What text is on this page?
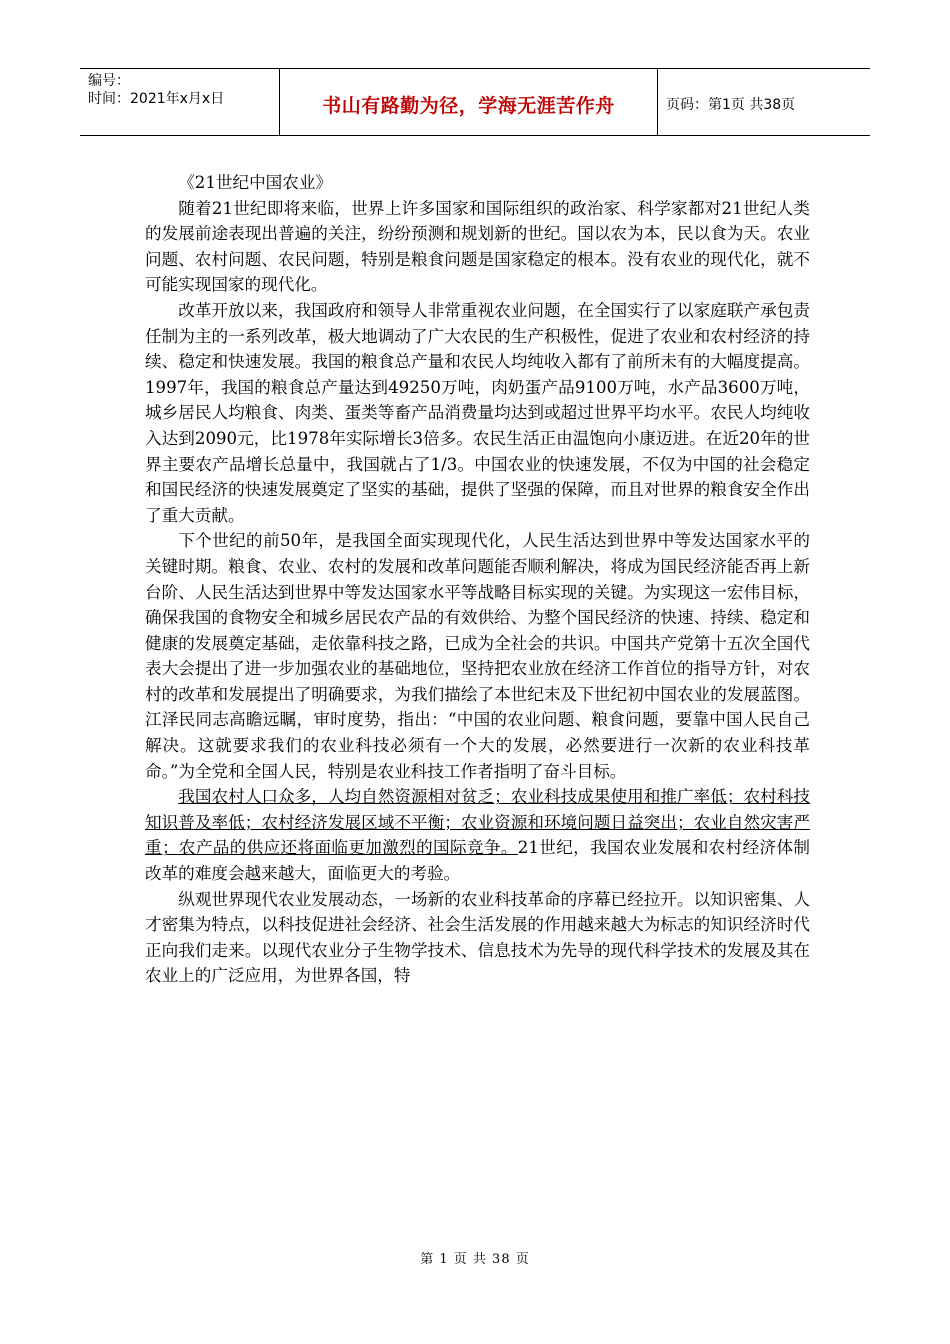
编号：
时间：2021年x月x日	书山有路勤为径，学海无涯苦作舟	页码：第1页 共38页

《21世纪中国农业》

随着21世纪即将来临，世界上许多国家和国际组织的政治家、科学家都对21世纪人类的发展前途表现出普遍的关注，纷纷预测和规划新的世纪。国以农为本，民以食为天。农业问题、农村问题、农民问题，特别是粮食问题是国家稳定的根本。没有农业的现代化，就不可能实现国家的现代化。

改革开放以来，我国政府和领导人非常重视农业问题，在全国实行了以家庭联产承包责任制为主的一系列改革，极大地调动了广大农民的生产积极性，促进了农业和农村经济的持续、稳定和快速发展。我国的粮食总产量和农民人均纯收入都有了前所未有的大幅度提高。1997年，我国的粮食总产量达到49250万吨，肉奶蛋产品9100万吨，水产品3600万吨，城乡居民人均粮食、肉类、蛋类等畜产品消费量均达到或超过世界平均水平。农民人均纯收入达到2090元，比1978年实际增长3倍多。农民生活正由温饱向小康迈进。在近20年的世界主要农产品增长总量中，我国就占了1/3。中国农业的快速发展，不仅为中国的社会稳定和国民经济的快速发展奠定了坚实的基础，提供了坚强的保障，而且对世界的粮食安全作出了重大贡献。

下个世纪的前50年，是我国全面实现现代化，人民生活达到世界中等发达国家水平的关键时期。粮食、农业、农村的发展和改革问题能否顺利解决，将成为国民经济能否再上新台阶、人民生活达到世界中等发达国家水平等战略目标实现的关键。为实现这一宏伟目标，确保我国的食物安全和城乡居民农产品的有效供给、为整个国民经济的快速、持续、稳定和健康的发展奠定基础，走依靠科技之路，已成为全社会的共识。中国共产党第十五次全国代表大会提出了进一步加强农业的基础地位，坚持把农业放在经济工作首位的指导方针，对农村的改革和发展提出了明确要求，为我们描绘了本世纪末及下世纪初中国农业的发展蓝图。江泽民同志高瞻远瞩，审时度势，指出：“中国的农业问题、粮食问题，要靠中国人民自己解决。这就要求我们的农业科技必须有一个大的发展，必然要进行一次新的农业科技革命。”为全党和全国人民，特别是农业科技工作者指明了奋斗目标。

我国农村人口众多，人均自然资源相对贫乏；农业科技成果使用和推广率低；农村科技知识普及率低；农村经济发展区域不平衡；农业资源和环境问题日益突出；农业自然灾害严重；农产品的供应还将面临更加激烈的国际竞争。21世纪，我国农业发展和农村经济体制改革的难度会越来越大，面临更大的考验。

纵观世界现代农业发展动态，一场新的农业科技革命的序幕已经拉开。以知识密集、人才密集为特点，以科技促进社会经济、社会生活发展的作用越来越大为标志的知识经济时代正向我们走来。以现代农业分子生物学技术、信息技术为先导的现代科学技术的发展及其在农业上的广泛应用，为世界各国，特

第 1 页 共 38 页
